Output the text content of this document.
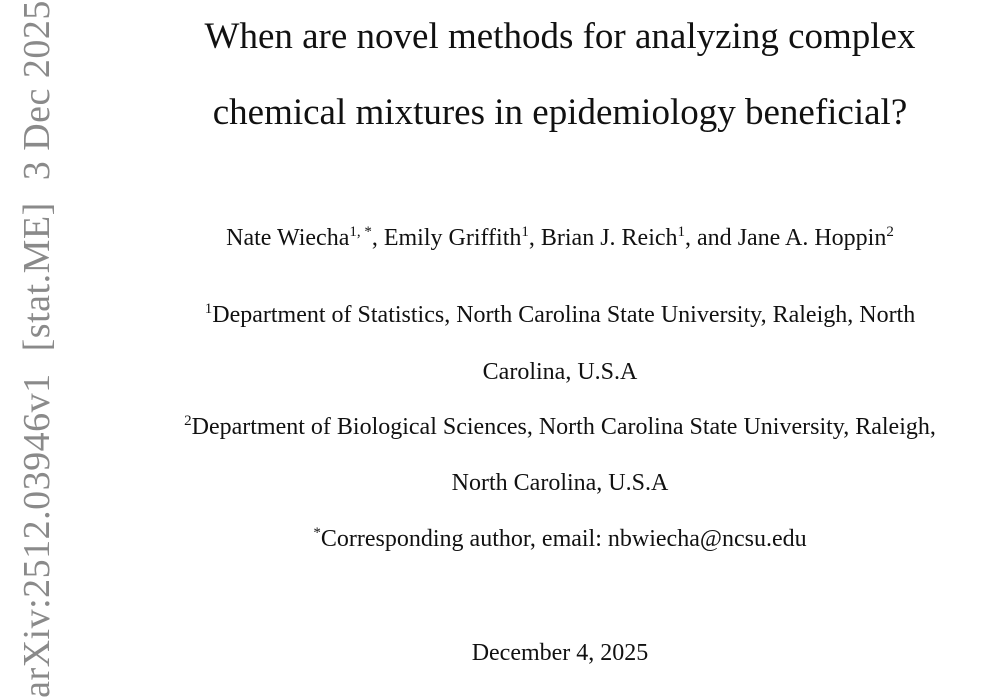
arXiv:2512.03946v1[stat.ME]3 Dec 2025	When are novel methods for analyzing complex
chemical mixtures in epidemiology beneficial?
Nate Wiecha$^{1, *}$, Emily Griffith$^1$, Brian J. Reich$^1$, and Jane A. Hoppin$^2$
$^1$Department of Statistics, North Carolina State University, Raleigh, North
Carolina, U.S.A
$^2$Department of Biological Sciences, North Carolina State University, Raleigh,
North Carolina, U.S.A
*Corresponding author, email: nbwiecha@ncsu.edu
December 4, 2025
